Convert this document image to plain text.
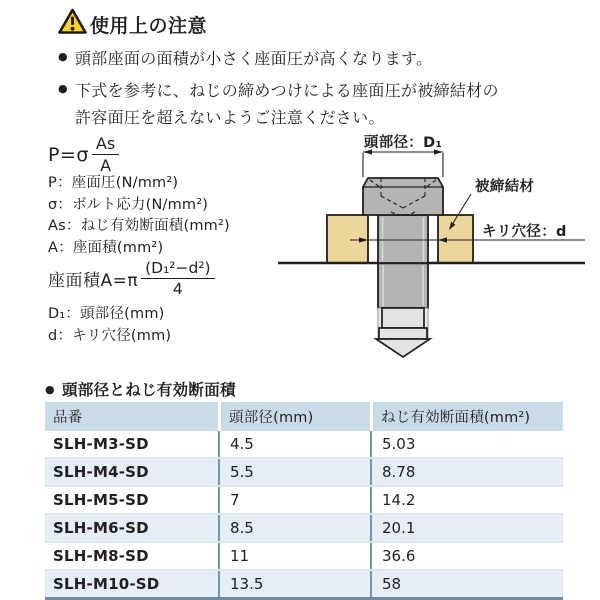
使用上の注意
● 頭部座面の面積が小さく座面圧が高くなります。
● 下式を参考に、ねじの締めつけによる座面圧が被締結材の
許容面圧を超えないようご注意ください。
$P=\sigma \frac{As}{A}$
P：座面圧(N/mm²)
σ：ボルト応力(N/mm²)
As：ねじ有効断面積(mm²)
A：座面積(mm²)
座面積$A=\pi \frac{\text{(D₁²−d²)}}{4}$
D₁：頭部径(mm)
d：キリ穴径(mm)
頭部径：D₁
被締結材
キリ穴径：d
● 頭部径とねじ有効断面積
品番	頭部径(mm)	ねじ有効断面積(mm²)
SLH-M3-SD	4.5	5.03
SLH-M4-SD	5.5	8.78
SLH-M5-SD	7	14.2
SLH-M6-SD	8.5	20.1
SLH-M8-SD	11	36.6
SLH-M10-SD	13.5	58
